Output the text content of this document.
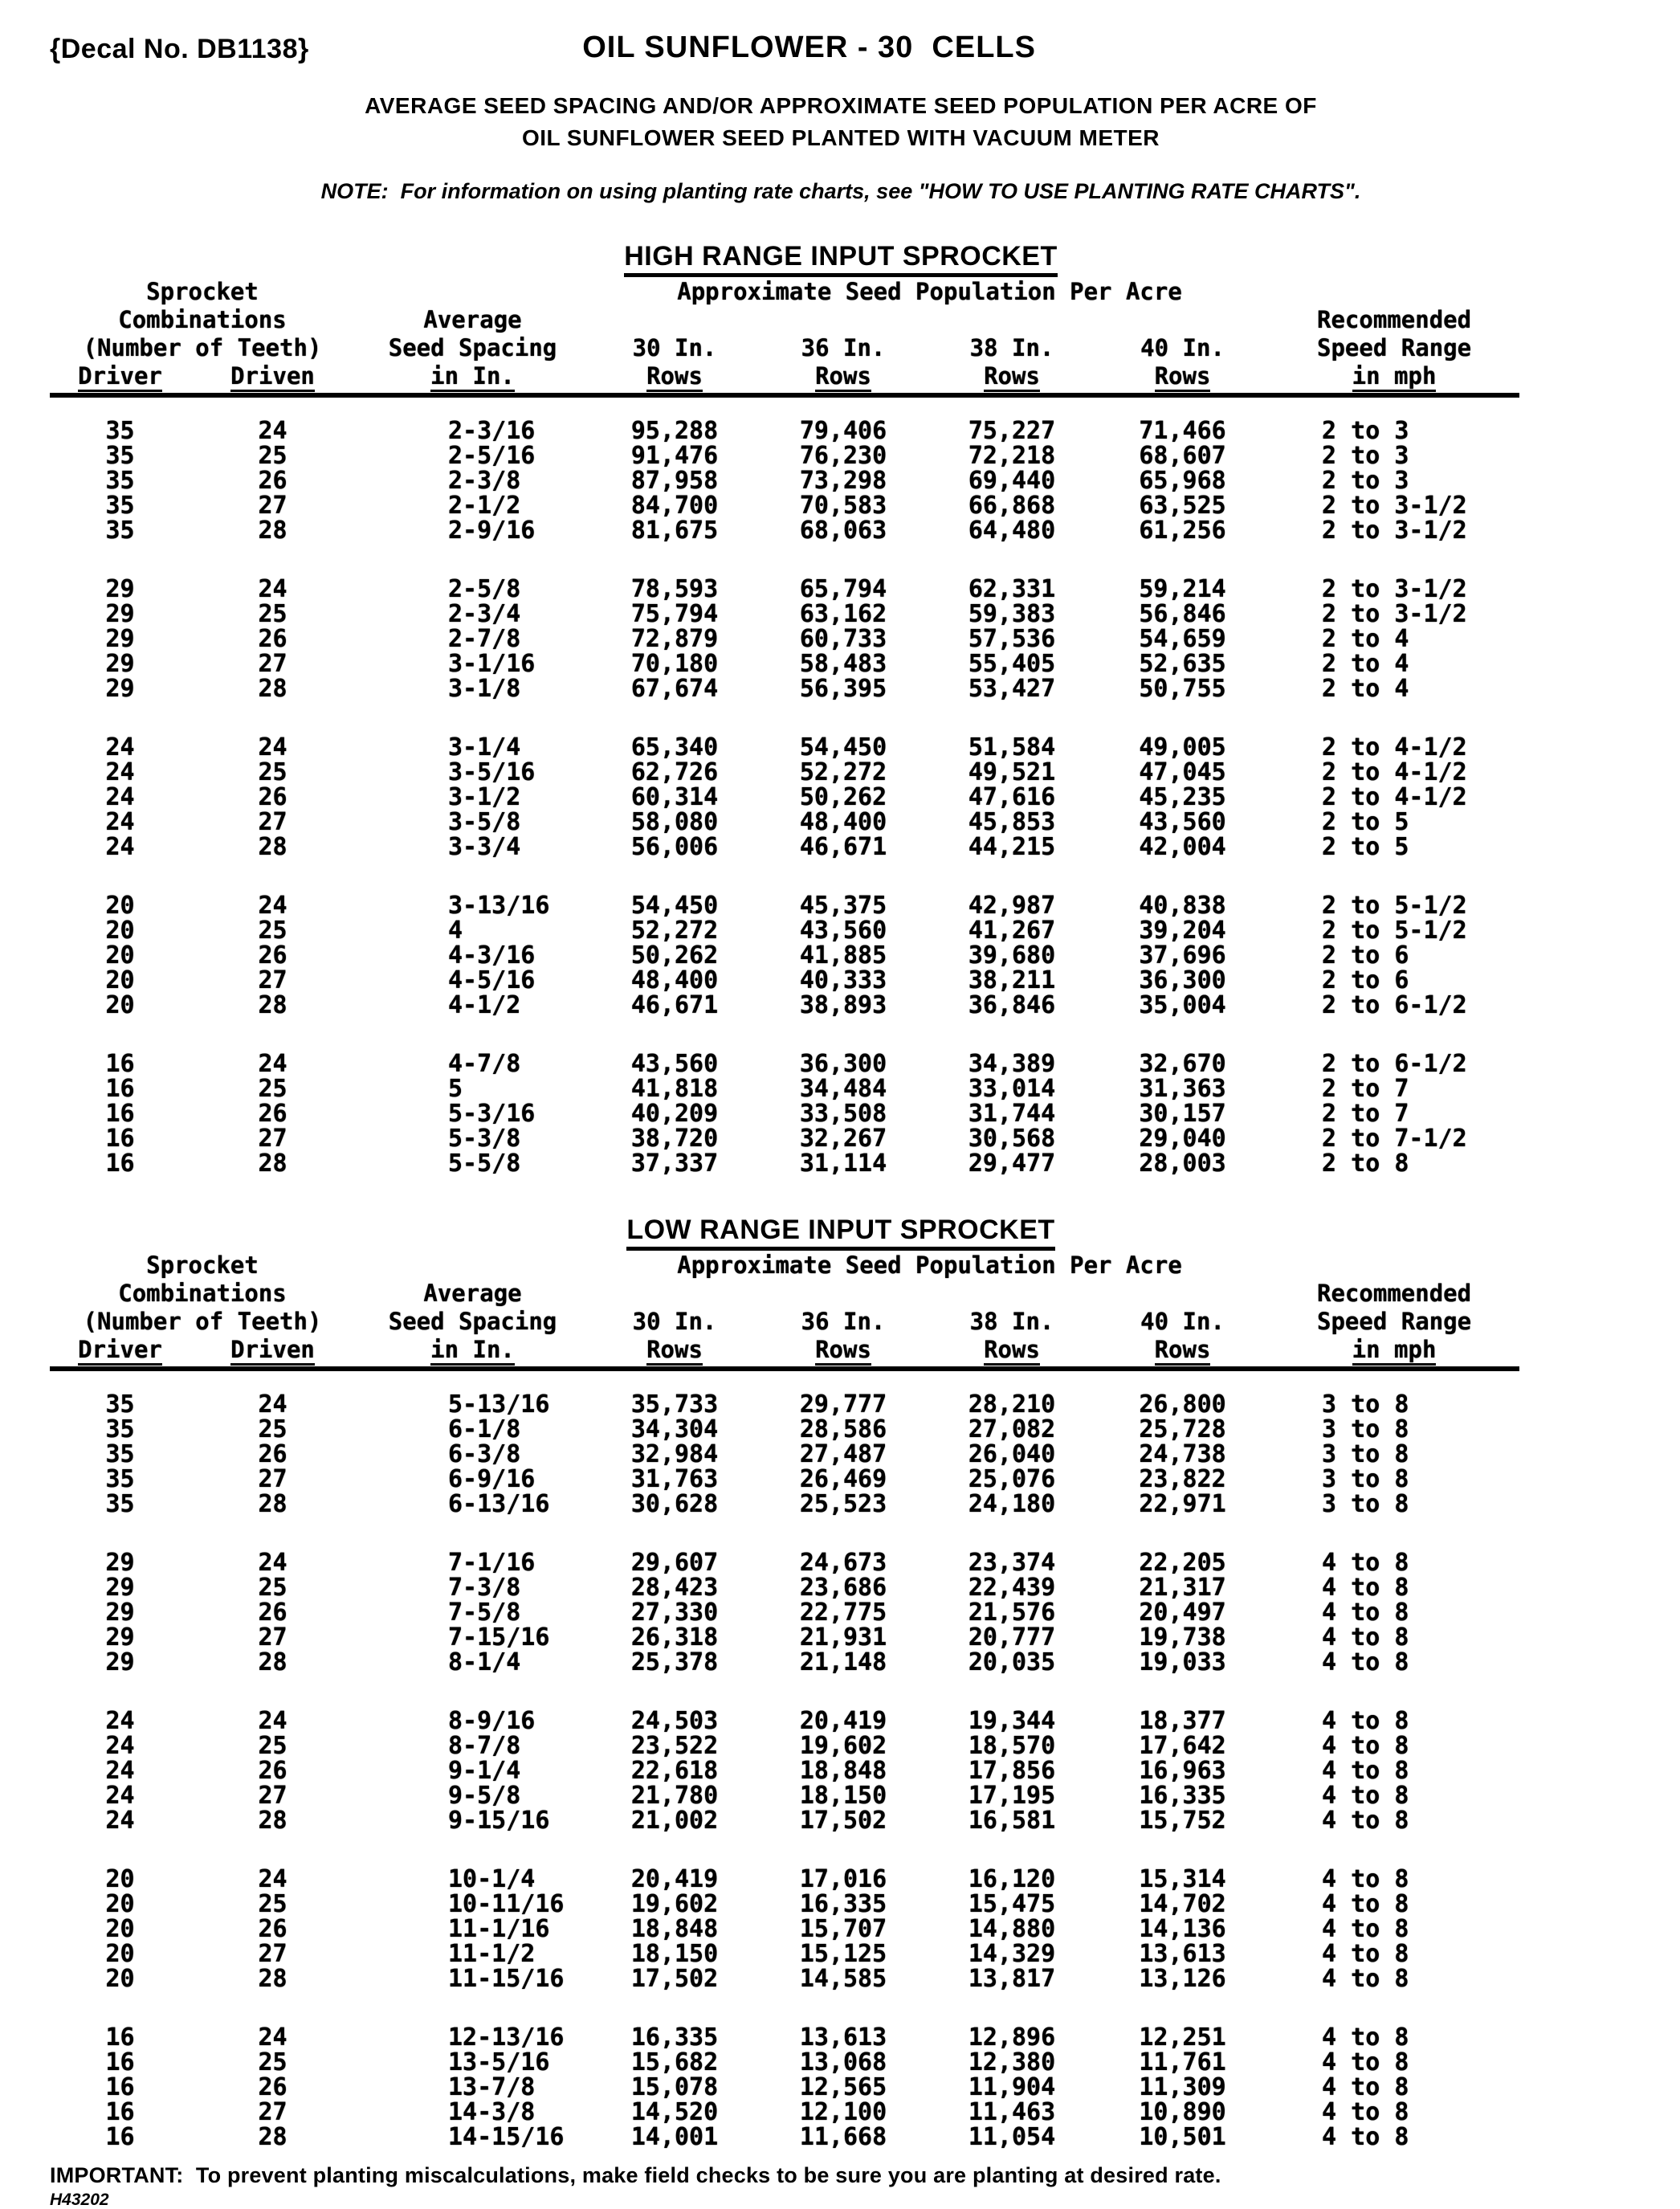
{Decal No. DB1138}	OIL SUNFLOWER - 30  CELLS
AVERAGE SEED SPACING AND/OR APPROXIMATE SEED POPULATION PER ACRE OF
OIL SUNFLOWER SEED PLANTED WITH VACUUM METER
NOTE:  For information on using planting rate charts, see "HOW TO USE PLANTING RATE CHARTS".
HIGH RANGE INPUT SPROCKET
Sprocket			Approximate Seed Population Per Acre				
Combinations		Average					Recommended
(Number of Teeth)		Seed Spacing	30 In.	36 In.	38 In.	40 In.	Speed Range
Driver	Driven	in In.	Rows	Rows	Rows	Rows	in mph

35	24	2-3/16	95,288	79,406	75,227	71,466	2 to 3
35	25	2-5/16	91,476	76,230	72,218	68,607	2 to 3
35	26	2-3/8	87,958	73,298	69,440	65,968	2 to 3
35	27	2-1/2	84,700	70,583	66,868	63,525	2 to 3-1/2
35	28	2-9/16	81,675	68,063	64,480	61,256	2 to 3-1/2

29	24	2-5/8	78,593	65,794	62,331	59,214	2 to 3-1/2
29	25	2-3/4	75,794	63,162	59,383	56,846	2 to 3-1/2
29	26	2-7/8	72,879	60,733	57,536	54,659	2 to 4
29	27	3-1/16	70,180	58,483	55,405	52,635	2 to 4
29	28	3-1/8	67,674	56,395	53,427	50,755	2 to 4

24	24	3-1/4	65,340	54,450	51,584	49,005	2 to 4-1/2
24	25	3-5/16	62,726	52,272	49,521	47,045	2 to 4-1/2
24	26	3-1/2	60,314	50,262	47,616	45,235	2 to 4-1/2
24	27	3-5/8	58,080	48,400	45,853	43,560	2 to 5
24	28	3-3/4	56,006	46,671	44,215	42,004	2 to 5

20	24	3-13/16	54,450	45,375	42,987	40,838	2 to 5-1/2
20	25	4	52,272	43,560	41,267	39,204	2 to 5-1/2
20	26	4-3/16	50,262	41,885	39,680	37,696	2 to 6
20	27	4-5/16	48,400	40,333	38,211	36,300	2 to 6
20	28	4-1/2	46,671	38,893	36,846	35,004	2 to 6-1/2

16	24	4-7/8	43,560	36,300	34,389	32,670	2 to 6-1/2
16	25	5	41,818	34,484	33,014	31,363	2 to 7
16	26	5-3/16	40,209	33,508	31,744	30,157	2 to 7
16	27	5-3/8	38,720	32,267	30,568	29,040	2 to 7-1/2
16	28	5-5/8	37,337	31,114	29,477	28,003	2 to 8
LOW RANGE INPUT SPROCKET
Sprocket			Approximate Seed Population Per Acre				
Combinations		Average					Recommended
(Number of Teeth)		Seed Spacing	30 In.	36 In.	38 In.	40 In.	Speed Range
Driver	Driven	in In.	Rows	Rows	Rows	Rows	in mph

35	24	5-13/16	35,733	29,777	28,210	26,800	3 to 8
35	25	6-1/8	34,304	28,586	27,082	25,728	3 to 8
35	26	6-3/8	32,984	27,487	26,040	24,738	3 to 8
35	27	6-9/16	31,763	26,469	25,076	23,822	3 to 8
35	28	6-13/16	30,628	25,523	24,180	22,971	3 to 8

29	24	7-1/16	29,607	24,673	23,374	22,205	4 to 8
29	25	7-3/8	28,423	23,686	22,439	21,317	4 to 8
29	26	7-5/8	27,330	22,775	21,576	20,497	4 to 8
29	27	7-15/16	26,318	21,931	20,777	19,738	4 to 8
29	28	8-1/4	25,378	21,148	20,035	19,033	4 to 8

24	24	8-9/16	24,503	20,419	19,344	18,377	4 to 8
24	25	8-7/8	23,522	19,602	18,570	17,642	4 to 8
24	26	9-1/4	22,618	18,848	17,856	16,963	4 to 8
24	27	9-5/8	21,780	18,150	17,195	16,335	4 to 8
24	28	9-15/16	21,002	17,502	16,581	15,752	4 to 8

20	24	10-1/4	20,419	17,016	16,120	15,314	4 to 8
20	25	10-11/16	19,602	16,335	15,475	14,702	4 to 8
20	26	11-1/16	18,848	15,707	14,880	14,136	4 to 8
20	27	11-1/2	18,150	15,125	14,329	13,613	4 to 8
20	28	11-15/16	17,502	14,585	13,817	13,126	4 to 8

16	24	12-13/16	16,335	13,613	12,896	12,251	4 to 8
16	25	13-5/16	15,682	13,068	12,380	11,761	4 to 8
16	26	13-7/8	15,078	12,565	11,904	11,309	4 to 8
16	27	14-3/8	14,520	12,100	11,463	10,890	4 to 8
16	28	14-15/16	14,001	11,668	11,054	10,501	4 to 8
IMPORTANT:  To prevent planting miscalculations, make field checks to be sure you are planting at desired rate.
H43202
